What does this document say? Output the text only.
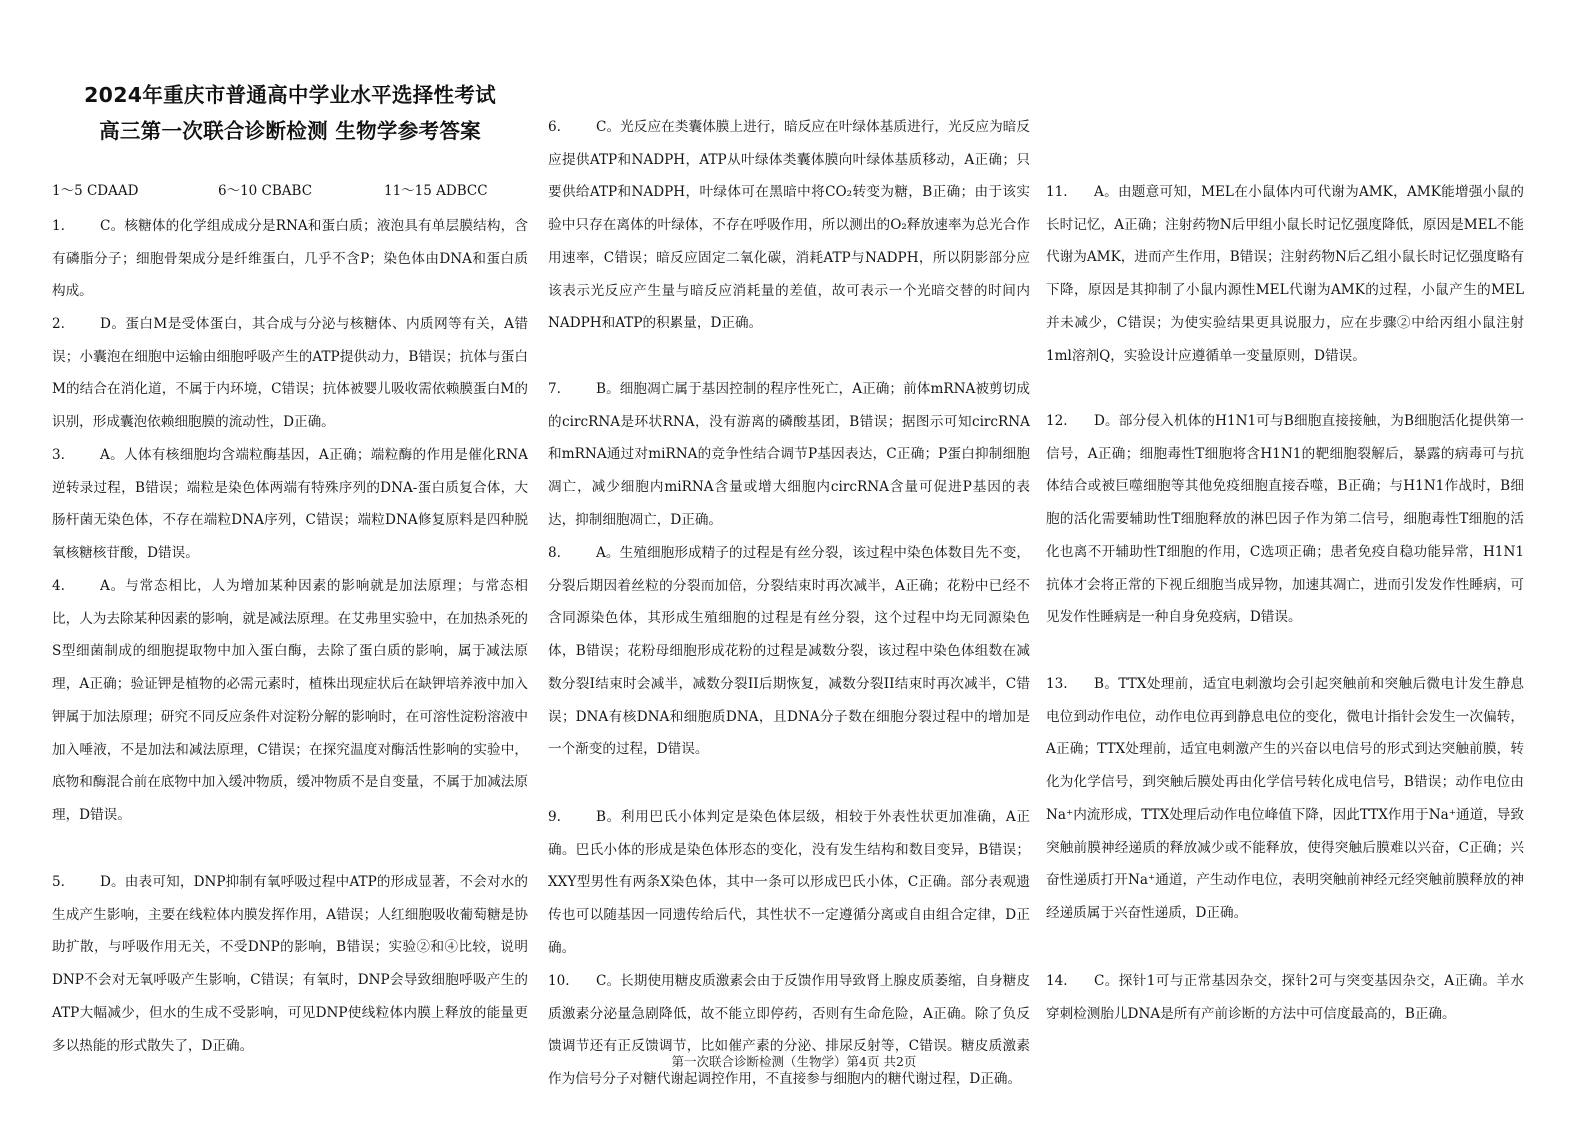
2024年重庆市普通高中学业水平选择性考试
高三第一次联合诊断检测 生物学参考答案
1～5 CDAAD	6～10 CBABC	11～15 ADBCC
1.	C。核糖体的化学组成成分是RNA和蛋白质；液泡具有单层膜结构，含有磷脂分子；细胞骨架成分是纤维蛋白，几乎不含P；染色体由DNA和蛋白质构成。
2.	D。蛋白M是受体蛋白，其合成与分泌与核糖体、内质网等有关，A错误；小囊泡在细胞中运输由细胞呼吸产生的ATP提供动力，B错误；抗体与蛋白M的结合在消化道，不属于内环境，C错误；抗体被婴儿吸收需依赖膜蛋白M的识别，形成囊泡依赖细胞膜的流动性，D正确。
3.	A。人体有核细胞均含端粒酶基因，A正确；端粒酶的作用是催化RNA逆转录过程，B错误；端粒是染色体两端有特殊序列的DNA-蛋白质复合体，大肠杆菌无染色体，不存在端粒DNA序列，C错误；端粒DNA修复原料是四种脱氧核糖核苷酸，D错误。
4.	A。与常态相比，人为增加某种因素的影响就是加法原理；与常态相比，人为去除某种因素的影响，就是减法原理。在艾弗里实验中，在加热杀死的S型细菌制成的细胞提取物中加入蛋白酶，去除了蛋白质的影响，属于减法原理，A正确；验证钾是植物的必需元素时，植株出现症状后在缺钾培养液中加入钾属于加法原理；研究不同反应条件对淀粉分解的影响时，在可溶性淀粉溶液中加入唾液，不是加法和减法原理，C错误；在探究温度对酶活性影响的实验中，底物和酶混合前在底物中加入缓冲物质，缓冲物质不是自变量，不属于加减法原理，D错误。
5.	D。由表可知，DNP抑制有氧呼吸过程中ATP的形成显著，不会对水的生成产生影响，主要在线粒体内膜发挥作用，A错误；人红细胞吸收葡萄糖是协助扩散，与呼吸作用无关，不受DNP的影响，B错误；实验②和④比较，说明DNP不会对无氧呼吸产生影响，C错误；有氧时，DNP会导致细胞呼吸产生的ATP大幅减少，但水的生成不受影响，可见DNP使线粒体内膜上释放的能量更多以热能的形式散失了，D正确。
6.	C。光反应在类囊体膜上进行，暗反应在叶绿体基质进行，光反应为暗反应提供ATP和NADPH，ATP从叶绿体类囊体膜向叶绿体基质移动，A正确；只要供给ATP和NADPH，叶绿体可在黑暗中将CO₂转变为糖，B正确；由于该实验中只存在离体的叶绿体，不存在呼吸作用，所以测出的O₂释放速率为总光合作用速率，C错误；暗反应固定二氧化碳，消耗ATP与NADPH，所以阴影部分应该表示光反应产生量与暗反应消耗量的差值，故可表示一个光暗交替的时间内NADPH和ATP的积累量，D正确。
7.	B。细胞凋亡属于基因控制的程序性死亡，A正确；前体mRNA被剪切成的circRNA是环状RNA，没有游离的磷酸基团，B错误；据图示可知circRNA和mRNA通过对miRNA的竞争性结合调节P基因表达，C正确；P蛋白抑制细胞凋亡，减少细胞内miRNA含量或增大细胞内circRNA含量可促进P基因的表达，抑制细胞凋亡，D正确。
8.	A。生殖细胞形成精子的过程是有丝分裂，该过程中染色体数目先不变，分裂后期因着丝粒的分裂而加倍，分裂结束时再次减半，A正确；花粉中已经不含同源染色体，其形成生殖细胞的过程是有丝分裂，这个过程中均无同源染色体，B错误；花粉母细胞形成花粉的过程是减数分裂，该过程中染色体组数在减数分裂I结束时会减半，减数分裂II后期恢复，减数分裂II结束时再次减半，C错误；DNA有核DNA和细胞质DNA，且DNA分子数在细胞分裂过程中的增加是一个渐变的过程，D错误。
9.	B。利用巴氏小体判定是染色体层级，相较于外表性状更加准确，A正确。巴氏小体的形成是染色体形态的变化，没有发生结构和数目变异，B错误；XXY型男性有两条X染色体，其中一条可以形成巴氏小体，C正确。部分表观遗传也可以随基因一同遗传给后代，其性状不一定遵循分离或自由组合定律，D正确。
10.	C。长期使用糖皮质激素会由于反馈作用导致肾上腺皮质萎缩，自身糖皮质激素分泌量急剧降低，故不能立即停药，否则有生命危险，A正确。除了负反馈调节还有正反馈调节，比如催产素的分泌、排尿反射等，C错误。糖皮质激素作为信号分子对糖代谢起调控作用，不直接参与细胞内的糖代谢过程，D正确。
11.	A。由题意可知，MEL在小鼠体内可代谢为AMK，AMK能增强小鼠的长时记忆，A正确；注射药物N后甲组小鼠长时记忆强度降低，原因是MEL不能代谢为AMK，进而产生作用，B错误；注射药物N后乙组小鼠长时记忆强度略有下降，原因是其抑制了小鼠内源性MEL代谢为AMK的过程，小鼠产生的MEL并未减少，C错误；为使实验结果更具说服力，应在步骤②中给丙组小鼠注射1ml溶剂Q，实验设计应遵循单一变量原则，D错误。
12.	D。部分侵入机体的H1N1可与B细胞直接接触，为B细胞活化提供第一信号，A正确；细胞毒性T细胞将含H1N1的靶细胞裂解后，暴露的病毒可与抗体结合或被巨噬细胞等其他免疫细胞直接吞噬，B正确；与H1N1作战时，B细胞的活化需要辅助性T细胞释放的淋巴因子作为第二信号，细胞毒性T细胞的活化也离不开辅助性T细胞的作用，C选项正确；患者免疫自稳功能异常，H1N1抗体才会将正常的下视丘细胞当成异物，加速其凋亡，进而引发发作性睡病，可见发作性睡病是一种自身免疫病，D错误。
13.	B。TTX处理前，适宜电刺激均会引起突触前和突触后微电计发生静息电位到动作电位，动作电位再到静息电位的变化，微电计指针会发生一次偏转，A正确；TTX处理前，适宜电刺激产生的兴奋以电信号的形式到达突触前膜，转化为化学信号，到突触后膜处再由化学信号转化成电信号，B错误；动作电位由Na⁺内流形成，TTX处理后动作电位峰值下降，因此TTX作用于Na⁺通道，导致突触前膜神经递质的释放减少或不能释放，使得突触后膜难以兴奋，C正确；兴奋性递质打开Na⁺通道，产生动作电位，表明突触前神经元经突触前膜释放的神经递质属于兴奋性递质，D正确。
14.	C。探针1可与正常基因杂交，探针2可与突变基因杂交，A正确。羊水穿刺检测胎儿DNA是所有产前诊断的方法中可信度最高的，B正确。
第一次联合诊断检测（生物学）第4页 共2页
